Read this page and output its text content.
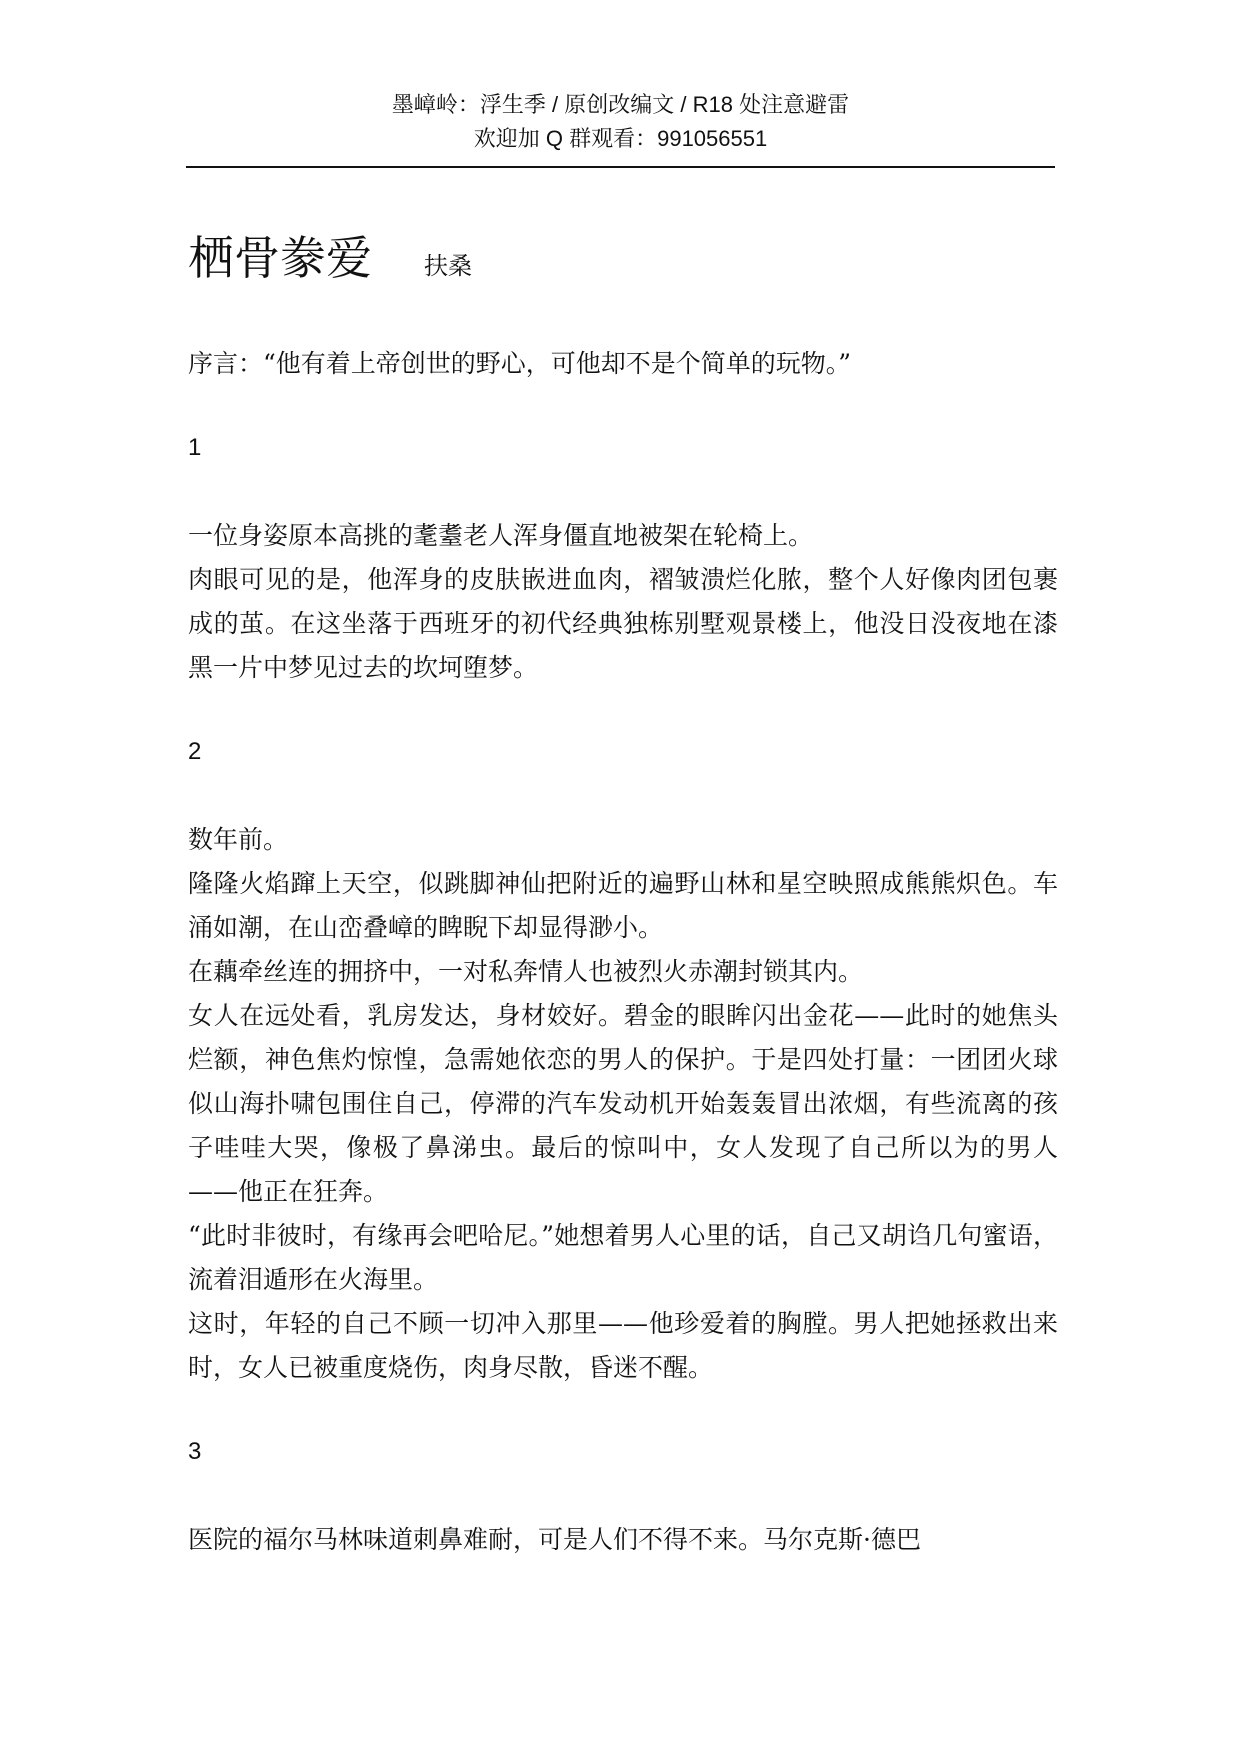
墨嶂岭：浮生季 / 原创改编文 / R18 处注意避雷
欢迎加 Q 群观看：991056551
栖骨豢爱 扶桑

序言：“他有着上帝创世的野心，可他却不是个简单的玩物。”

1

一位身姿原本高挑的耄耋老人浑身僵直地被架在轮椅上。

肉眼可见的是，他浑身的皮肤嵌进血肉，褶皱溃烂化脓，整个人好像肉团包裹成的茧。在这坐落于西班牙的初代经典独栋别墅观景楼上，他没日没夜地在漆黑一片中梦见过去的坎坷堕梦。

2

数年前。

隆隆火焰蹿上天空，似跳脚神仙把附近的遍野山林和星空映照成熊熊炽色。车涌如潮，在山峦叠嶂的睥睨下却显得渺小。

在藕牵丝连的拥挤中，一对私奔情人也被烈火赤潮封锁其内。

女人在远处看，乳房发达，身材姣好。碧金的眼眸闪出金花——此时的她焦头烂额，神色焦灼惊惶，急需她依恋的男人的保护。于是四处打量：一团团火球似山海扑啸包围住自己，停滞的汽车发动机开始轰轰冒出浓烟，有些流离的孩子哇哇大哭，像极了鼻涕虫。最后的惊叫中，女人发现了自己所以为的男人——他正在狂奔。

“此时非彼时，有缘再会吧哈尼。”她想着男人心里的话，自己又胡诌几句蜜语，流着泪遁形在火海里。

这时，年轻的自己不顾一切冲入那里——他珍爱着的胸膛。男人把她拯救出来时，女人已被重度烧伤，肉身尽散，昏迷不醒。

3

医院的福尔马林味道刺鼻难耐，可是人们不得不来。马尔克斯·德巴
